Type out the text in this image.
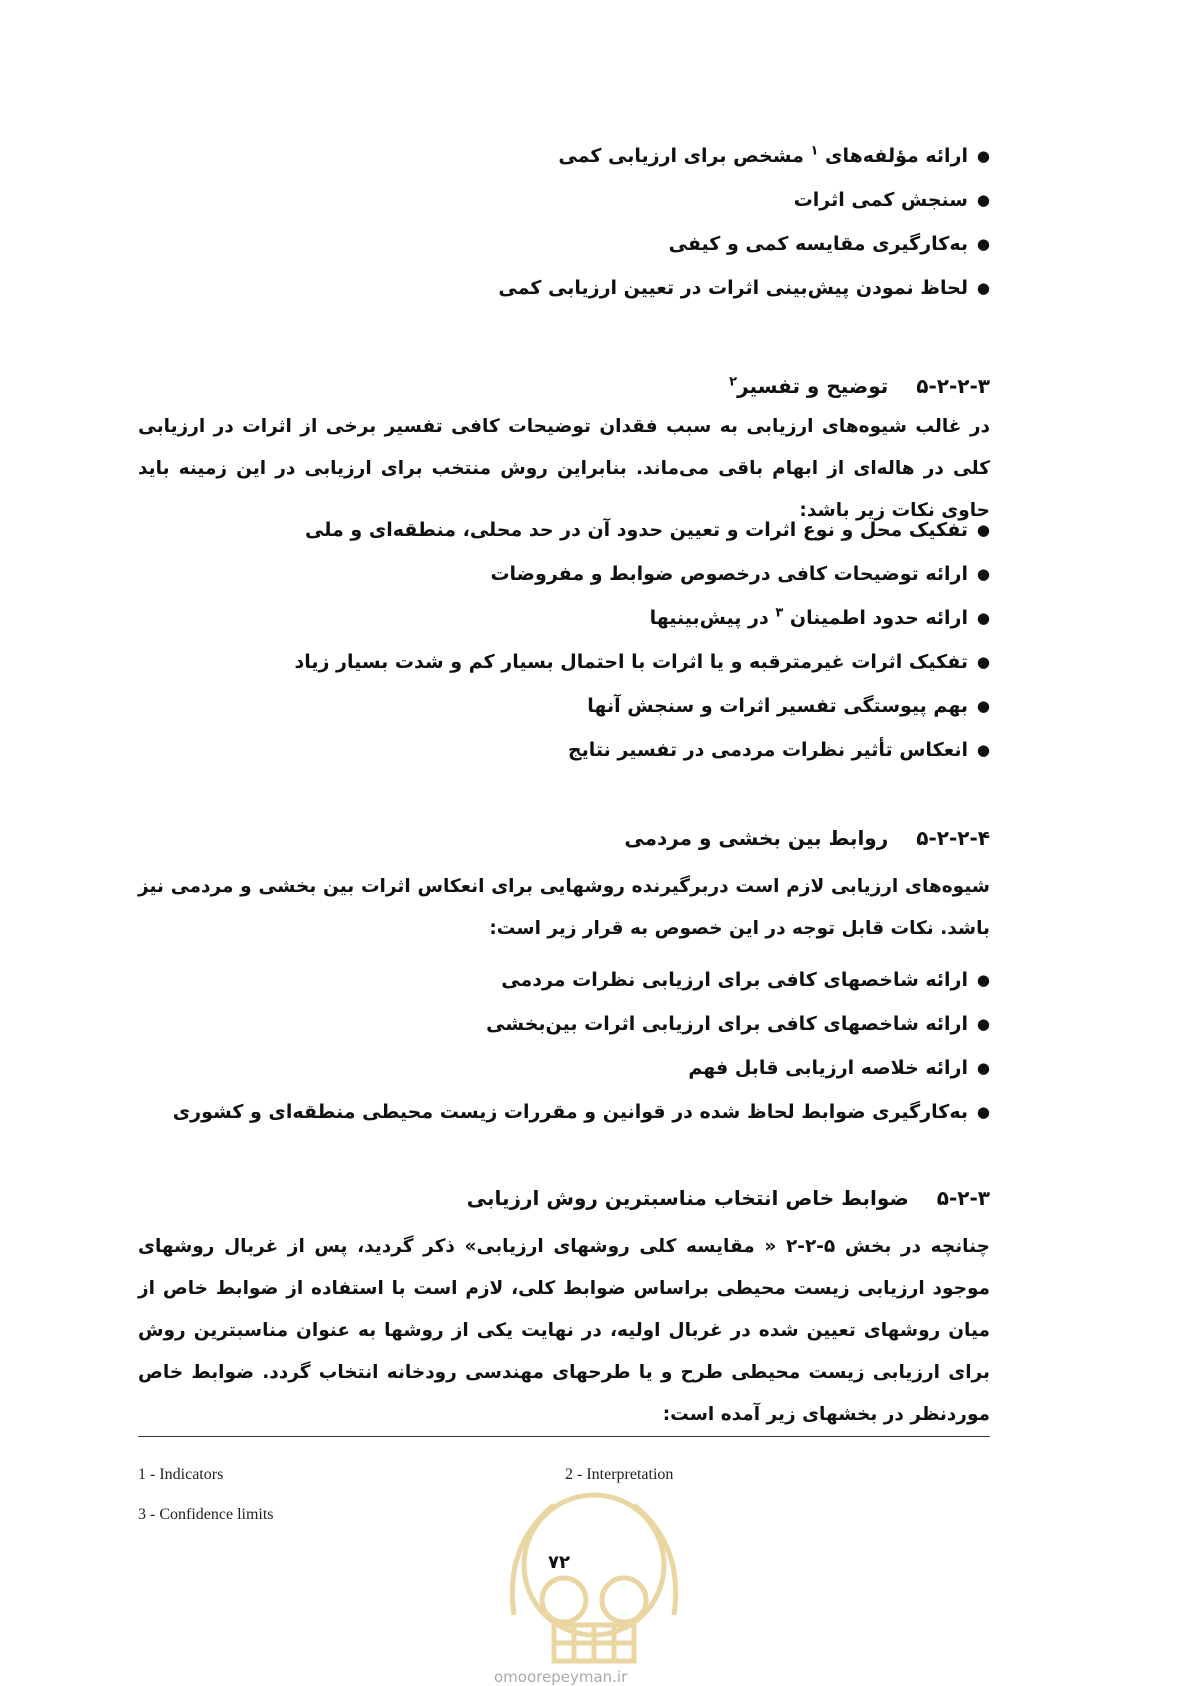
● ارائه مؤلفه‌های $^۱$ مشخص برای ارزیابی کمی
● سنجش کمی اثرات
● به‌کارگیری مقایسه کمی و کیفی
● لحاظ نمودن پیش‌بینی اثرات در تعیین ارزیابی کمی
۵-۲-۲-۳توضیح و تفسیر$^۲$

در غالب شیوه‌های ارزیابی به سبب فقدان توضیحات کافی تفسیر برخی از اثرات در ارزیابی کلی در هاله‌ای از ابهام باقی می‌ماند. بنابراین روش منتخب برای ارزیابی در این زمینه باید حاوی نکات زیر باشد:

● تفکیک محل و نوع اثرات و تعیین حدود آن در حد محلی، منطقه‌ای و ملی
● ارائه توضیحات کافی درخصوص ضوابط و مفروضات
● ارائه حدود اطمینان $^۳$ در پیش‌بینیها
● تفکیک اثرات غیرمترقبه و یا اثرات با احتمال بسیار کم و شدت بسیار زیاد
● بهم پیوستگی تفسیر اثرات و سنجش آنها
● انعکاس تأثیر نظرات مردمی در تفسیر نتایج
۵-۲-۲-۴روابط بین بخشی و مردمی

شیوه‌های ارزیابی لازم است دربرگیرنده روشهایی برای انعکاس اثرات بین بخشی و مردمی نیز باشد. نکات قابل توجه در این خصوص به قرار زیر است:

● ارائه شاخصهای کافی برای ارزیابی نظرات مردمی
● ارائه شاخصهای کافی برای ارزیابی اثرات بین‌بخشی
● ارائه خلاصه ارزیابی قابل فهم
● به‌کارگیری ضوابط لحاظ شده در قوانین و مقررات زیست محیطی منطقه‌ای و کشوری
۵-۲-۳ضوابط خاص انتخاب مناسبترین روش ارزیابی

چنانچه در بخش ۵-۲-۲ « مقایسه کلی روشهای ارزیابی» ذکر گردید، پس از غربال روشهای موجود ارزیابی زیست محیطی براساس ضوابط کلی، لازم است با استفاده از ضوابط خاص از میان روشهای تعیین شده در غربال اولیه، در نهایت یکی از روشها به عنوان مناسبترین روش برای ارزیابی زیست محیطی طرح و یا طرحهای مهندسی رودخانه انتخاب گردد. ضوابط خاص موردنظر در بخشهای زیر آمده است:

1 - Indicators	2 - Interpretation
3 - Confidence limits
۷۲
omoorepeyman.ir
